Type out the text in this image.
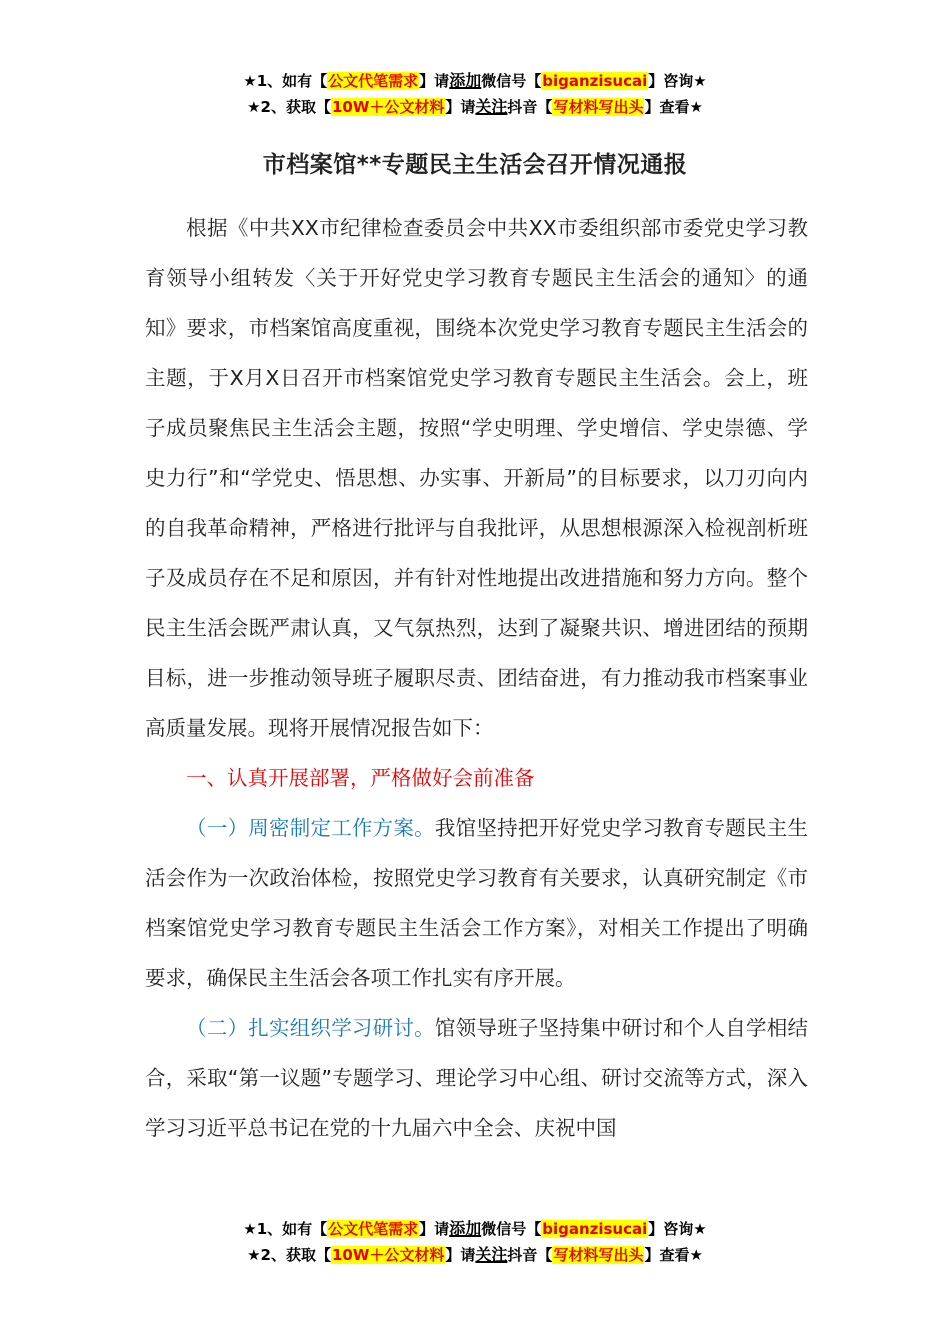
★1、如有【公文代笔需求】请添加微信号【biganzisucai】咨询★
★2、获取【10W＋公文材料】请关注抖音【写材料写出头】查看★
市档案馆**专题民主生活会召开情况通报

根据《中共XX市纪律检查委员会中共XX市委组织部市委党史学习教育领导小组转发〈关于开好党史学习教育专题民主生活会的通知〉的通知》要求，市档案馆高度重视，围绕本次党史学习教育专题民主生活会的主题，于X月X日召开市档案馆党史学习教育专题民主生活会。会上，班子成员聚焦民主生活会主题，按照“学史明理、学史增信、学史崇德、学史力行”和“学党史、悟思想、办实事、开新局”的目标要求，以刀刃向内的自我革命精神，严格进行批评与自我批评，从思想根源深入检视剖析班子及成员存在不足和原因，并有针对性地提出改进措施和努力方向。整个民主生活会既严肃认真，又气氛热烈，达到了凝聚共识、增进团结的预期目标，进一步推动领导班子履职尽责、团结奋进，有力推动我市档案事业高质量发展。现将开展情况报告如下：

一、认真开展部署，严格做好会前准备

（一）周密制定工作方案。我馆坚持把开好党史学习教育专题民主生活会作为一次政治体检，按照党史学习教育有关要求，认真研究制定《市档案馆党史学习教育专题民主生活会工作方案》，对相关工作提出了明确要求，确保民主生活会各项工作扎实有序开展。

（二）扎实组织学习研讨。馆领导班子坚持集中研讨和个人自学相结合，采取“第一议题”专题学习、理论学习中心组、研讨交流等方式，深入学习习近平总书记在党的十九届六中全会、庆祝中国

★1、如有【公文代笔需求】请添加微信号【biganzisucai】咨询★
★2、获取【10W＋公文材料】请关注抖音【写材料写出头】查看★
